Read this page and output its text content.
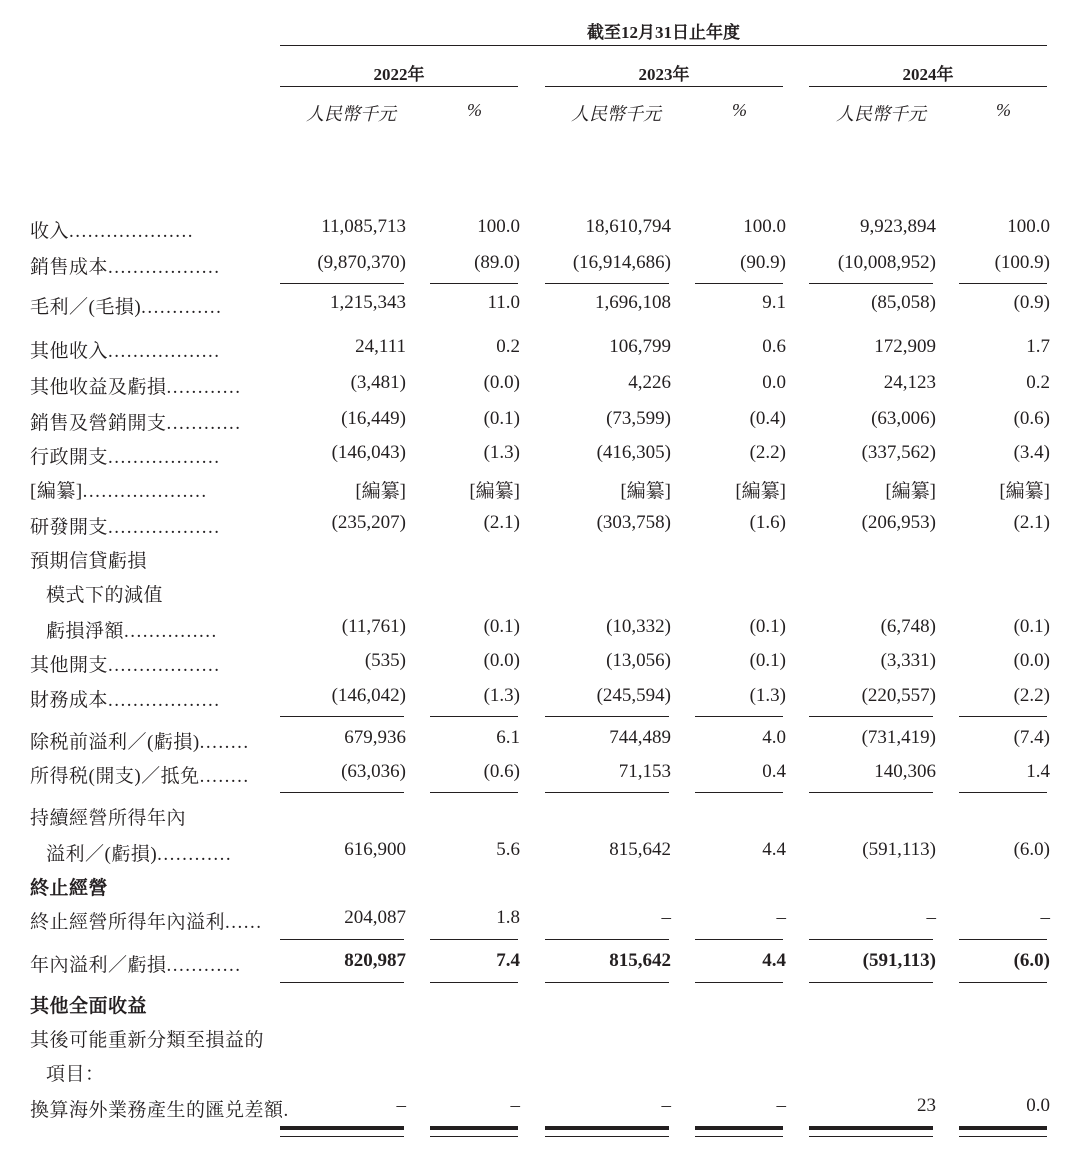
截至12月31日止年度
2022年	2023年	2024年
人民幣千元	%	人民幣千元	%	人民幣千元	%
收入....................	11,085,713	100.0	18,610,794	100.0	9,923,894	100.0
銷售成本..................	(9,870,370)	(89.0)	(16,914,686)	(90.9)	(10,008,952)	(100.9)
毛利／(毛損).............	1,215,343	11.0	1,696,108	9.1	(85,058)	(0.9)
其他收入..................	24,111	0.2	106,799	0.6	172,909	1.7
其他收益及虧損............	(3,481)	(0.0)	4,226	0.0	24,123	0.2
銷售及營銷開支............	(16,449)	(0.1)	(73,599)	(0.4)	(63,006)	(0.6)
行政開支..................	(146,043)	(1.3)	(416,305)	(2.2)	(337,562)	(3.4)
[編纂]....................	[編纂]	[編纂]	[編纂]	[編纂]	[編纂]	[編纂]
研發開支..................	(235,207)	(2.1)	(303,758)	(1.6)	(206,953)	(2.1)
預期信貸虧損
模式下的減值
虧損淨額...............	(11,761)	(0.1)	(10,332)	(0.1)	(6,748)	(0.1)
其他開支..................	(535)	(0.0)	(13,056)	(0.1)	(3,331)	(0.0)
財務成本..................	(146,042)	(1.3)	(245,594)	(1.3)	(220,557)	(2.2)
除税前溢利／(虧損)........	679,936	6.1	744,489	4.0	(731,419)	(7.4)
所得税(開支)／抵免........	(63,036)	(0.6)	71,153	0.4	140,306	1.4
持續經營所得年內
溢利／(虧損)............	616,900	5.6	815,642	4.4	(591,113)	(6.0)
終止經營
終止經營所得年內溢利......	204,087	1.8	–	–	–	–
年內溢利／虧損............	820,987	7.4	815,642	4.4	(591,113)	(6.0)
其他全面收益
其後可能重新分類至損益的
項目：
換算海外業務產生的匯兑差額.	–	–	–	–	23	0.0
